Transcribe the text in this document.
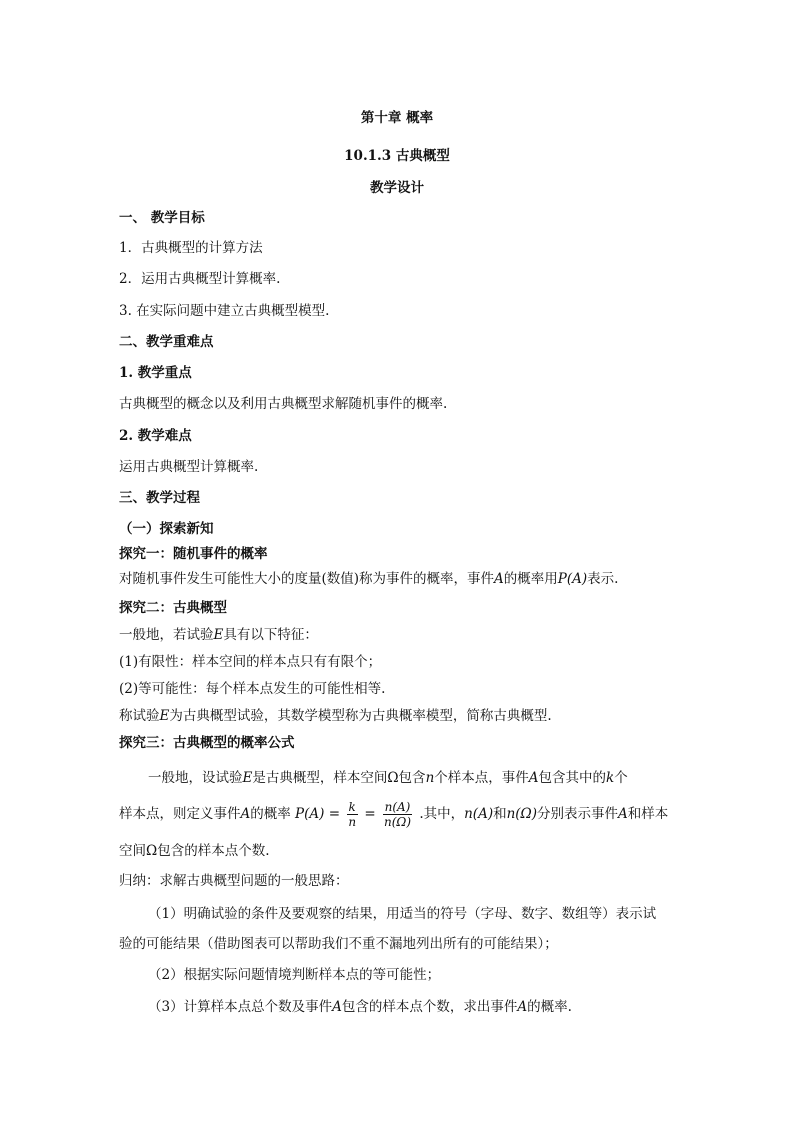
第十章 概率
10.1.3 古典概型
教学设计
一、 教学目标
1．古典概型的计算方法
2．运用古典概型计算概率.
3. 在实际问题中建立古典概型模型.
二、教学重难点
1. 教学重点
古典概型的概念以及利用古典概型求解随机事件的概率.
2. 教学难点
运用古典概型计算概率.
三、教学过程
（一）探索新知
探究一：随机事件的概率
对随机事件发生可能性大小的度量(数值)称为事件的概率，事件A的概率用P(A)表示.
探究二：古典概型
一般地，若试验E具有以下特征：
(1)有限性：样本空间的样本点只有有限个；
(2)等可能性：每个样本点发生的可能性相等.
称试验E为古典概型试验，其数学模型称为古典概率模型，简称古典概型.
探究三：古典概型的概率公式
一般地，设试验E是古典概型，样本空间Ω包含n个样本点，事件A包含其中的k个
样本点，则定义事件A的概率 $P(A) = \frac{k}{n} = \frac{n(A)}{n(\Omega)}$ .其中，n(A)和n(Ω)分别表示事件A和样本
空间Ω包含的样本点个数.
归纳：求解古典概型问题的一般思路：
（1）明确试验的条件及要观察的结果，用适当的符号（字母、数字、数组等）表示试
验的可能结果（借助图表可以帮助我们不重不漏地列出所有的可能结果）；
（2）根据实际问题情境判断样本点的等可能性；
（3）计算样本点总个数及事件A包含的样本点个数，求出事件A的概率.
